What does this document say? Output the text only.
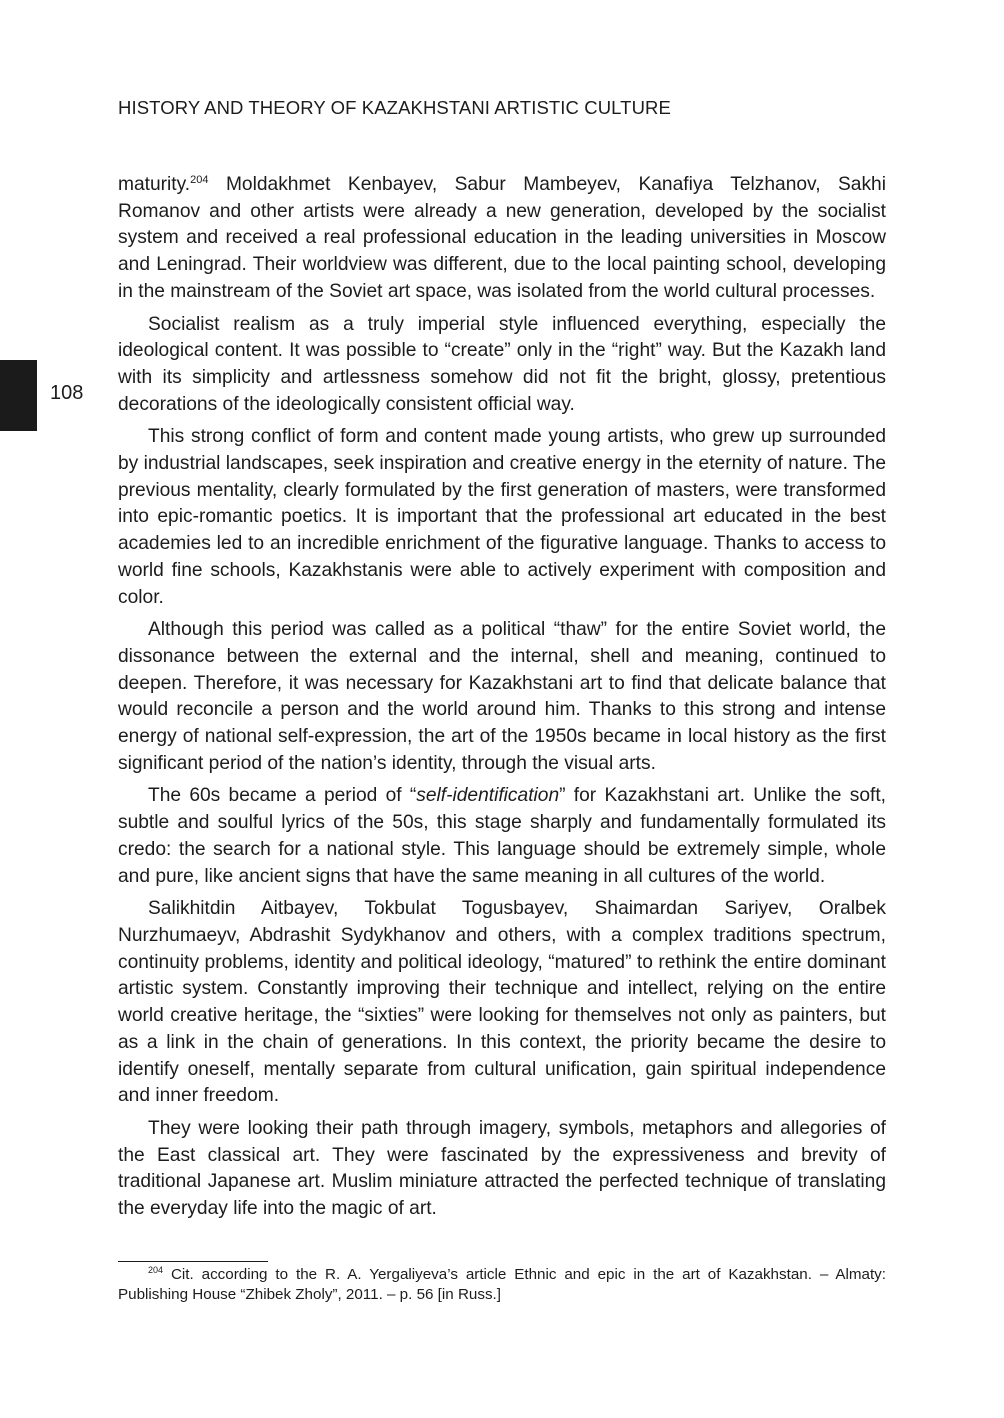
HISTORY AND THEORY OF KAZAKHSTANI ARTISTIC CULTURE
108

maturity.$^{204}$ Moldakhmet Kenbayev, Sabur Mambeyev, Kanafiya Telzhanov, Sakhi Romanov and other artists were already a new generation, developed by the socialist system and received a real professional education in the leading universities in Moscow and Leningrad. Their worldview was different, due to the local painting school, developing in the mainstream of the Soviet art space, was isolated from the world cultural processes.

Socialist realism as a truly imperial style influenced everything, especially the ideological content. It was possible to “create” only in the “right” way. But the Kazakh land with its simplicity and artlessness somehow did not fit the bright, glossy, pretentious decorations of the ideologically consistent official way.

This strong conflict of form and content made young artists, who grew up surrounded by industrial landscapes, seek inspiration and creative energy in the eternity of nature. The previous mentality, clearly formulated by the first generation of masters, were transformed into epic-romantic poetics. It is important that the professional art educated in the best academies led to an incredible enrichment of the figurative language. Thanks to access to world fine schools, Kazakhstanis were able to actively experiment with composition and color.

Although this period was called as a political “thaw” for the entire Soviet world, the dissonance between the external and the internal, shell and meaning, continued to deepen. Therefore, it was necessary for Kazakhstani art to find that delicate balance that would reconcile a person and the world around him. Thanks to this strong and intense energy of national self-expression, the art of the 1950s became in local history as the first significant period of the nation’s identity, through the visual arts.

The 60s became a period of “self-identification” for Kazakhstani art. Unlike the soft, subtle and soulful lyrics of the 50s, this stage sharply and fundamentally formulated its credo: the search for a national style. This language should be extremely simple, whole and pure, like ancient signs that have the same meaning in all cultures of the world.

Salikhitdin Aitbayev, Tokbulat Togusbayev, Shaimardan Sariyev, Oralbek Nurzhumaeyv, Abdrashit Sydykhanov and others, with a complex traditions spectrum, continuity problems, identity and political ideology, “matured” to rethink the entire dominant artistic system. Constantly improving their technique and intellect, relying on the entire world creative heritage, the “sixties” were looking for themselves not only as painters, but as a link in the chain of generations. In this context, the priority became the desire to identify oneself, mentally separate from cultural unification, gain spiritual independence and inner freedom.

They were looking their path through imagery, symbols, metaphors and allegories of the East classical art. They were fascinated by the expressiveness and brevity of traditional Japanese art. Muslim miniature attracted the perfected technique of translating the everyday life into the magic of art.

$^{204}$ Cit. according to the R. A. Yergaliyeva’s article Ethnic and epic in the art of Kazakhstan. – Almaty: Publishing House “Zhibek Zholy”, 2011. – p. 56 [in Russ.]
